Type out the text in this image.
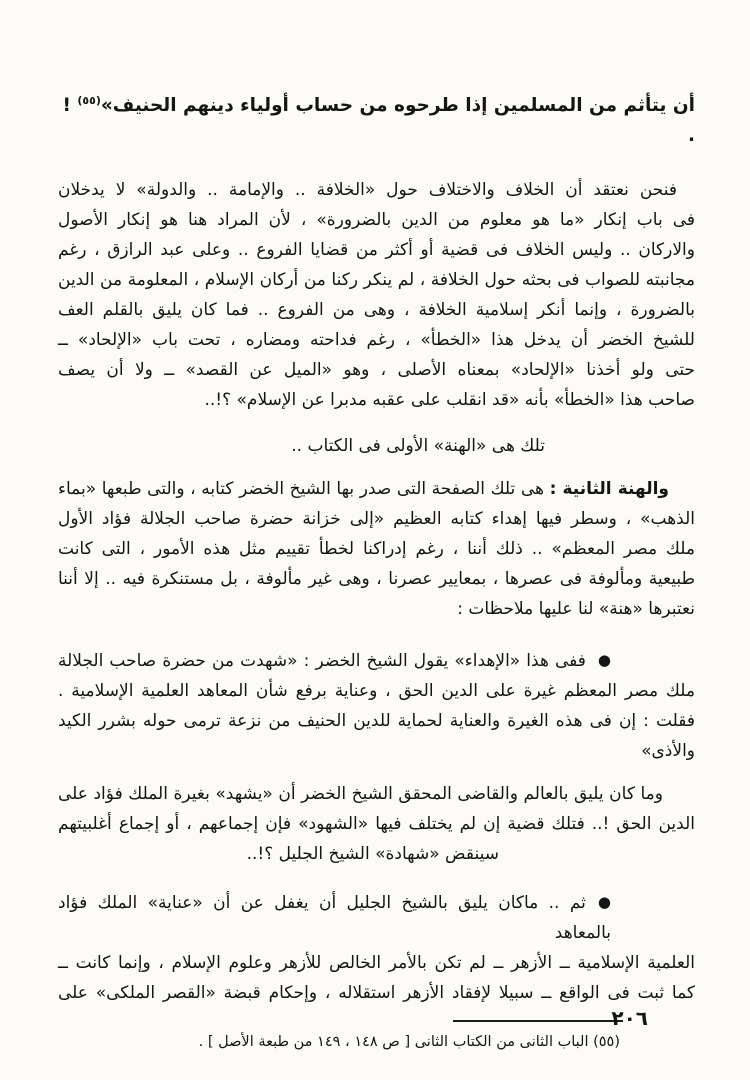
أن يتأثم من المسلمين إذا طرحوه من حساب أولياء دينهم الحنيف»$^{(٥٥)}$ ! .
فنحن نعتقد أن الخلاف والاختلاف حول «الخلافة .. والإمامة .. والدولة» لا يدخلان
فى باب إنكار «ما هو معلوم من الدين بالضرورة» ، لأن المراد هنا هو إنكار الأصول
والاركان .. وليس الخلاف فى قضية أو أكثر من قضايا الفروع .. وعلى عبد الرازق ، رغم
مجانبته للصواب فى بحثه حول الخلافة ، لم ينكر ركنا من أركان الإسلام ، المعلومة من الدين
بالضرورة ، وإنما أنكر إسلامية الخلافة ، وهى من الفروع .. فما كان يليق بالقلم العف
للشيخ الخضر أن يدخل هذا «الخطأ» ، رغم فداحته ومضاره ، تحت باب «الإلحاد» ــ
حتى ولو أخذنا «الإلحاد» بمعناه الأصلى ، وهو «الميل عن القصد» ــ ولا أن يصف
صاحب هذا «الخطأ» بأنه «قد انقلب على عقبه مدبرا عن الإسلام» ؟!..
تلك هى «الهنة» الأولى فى الكتاب ..
والهنة الثانية : هى تلك الصفحة التى صدر بها الشيخ الخضر كتابه ، والتى طبعها «بماء
الذهب» ، وسطر فيها إهداء كتابه العظيم «إلى خزانة حضرة صاحب الجلالة فؤاد الأول
ملك مصر المعظم» .. ذلك أننا ، رغم إدراكنا لخطأ تقييم مثل هذه الأمور ، التى كانت
طبيعية ومألوفة فى عصرها ، بمعايير عصرنا ، وهى غير مألوفة ، بل مستنكرة فيه .. إلا أننا
نعتبرها «هنة» لنا عليها ملاحظات :
●ففى هذا «الإهداء» يقول الشيخ الخضر : «شهدت من حضرة صاحب الجلالة
ملك مصر المعظم غيرة على الدين الحق ، وعناية برفع شأن المعاهد العلمية الإسلامية .
فقلت : إن فى هذه الغيرة والعناية لحماية للدين الحنيف من نزعة ترمى حوله بشرر الكيد
والأذى»
وما كان يليق بالعالم والقاضى المحقق الشيخ الخضر أن «يشهد» بغيرة الملك فؤاد على
الدين الحق !.. فتلك قضية إن لم يختلف فيها «الشهود» فإن إجماعهم ، أو إجماع أغلبيتهم
سينقض «شهادة» الشيخ الجليل ؟!..
●ثم .. ماكان يليق بالشيخ الجليل أن يغفل عن أن «عناية» الملك فؤاد بالمعاهد
العلمية الإسلامية ــ الأزهر ــ لم تكن بالأمر الخالص للأزهر وعلوم الإسلام ، وإنما كانت ــ
كما ثبت فى الواقع ــ سبيلا لإفقاد الأزهر استقلاله ، وإحكام قبضة «القصر الملكى» على
(٥٥) الباب الثانى من الكتاب الثانى [ ص ١٤٨ ، ١٤٩ من طبعة الأصل ] .
٢٠٦
